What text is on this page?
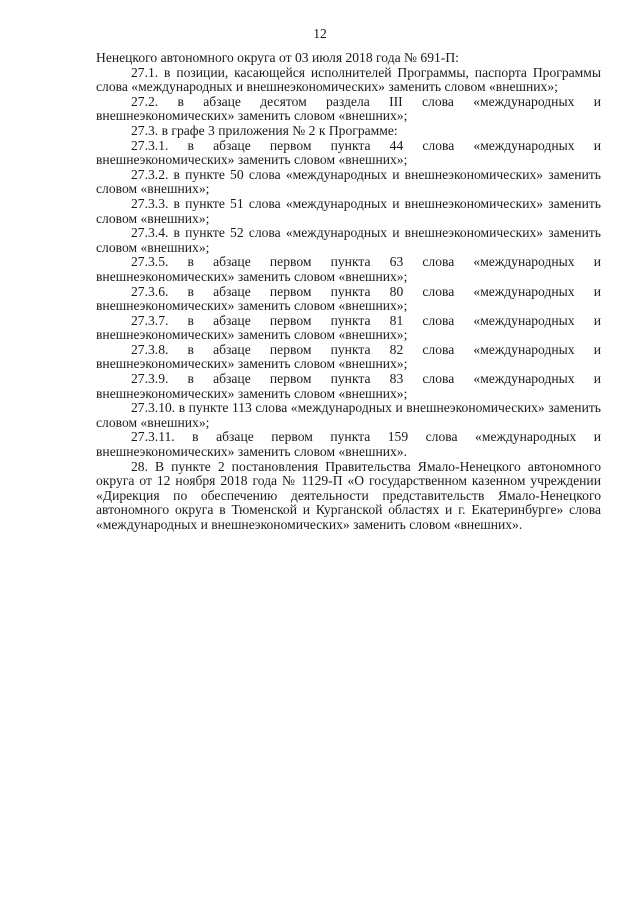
12

Ненецкого автономного округа от 03 июля 2018 года № 691-П:

27.1. в позиции, касающейся исполнителей Программы, паспорта Программы слова «международных и внешнеэкономических» заменить словом «внешних»;

27.2. в абзаце десятом раздела III слова «международных и внешнеэкономических» заменить словом «внешних»;

27.3. в графе 3 приложения № 2 к Программе:

27.3.1. в абзаце первом пункта 44 слова «международных и внешнеэкономических» заменить словом «внешних»;

27.3.2. в пункте 50 слова «международных и внешнеэкономических» заменить словом «внешних»;

27.3.3. в пункте 51 слова «международных и внешнеэкономических» заменить словом «внешних»;

27.3.4. в пункте 52 слова «международных и внешнеэкономических» заменить словом «внешних»;

27.3.5. в абзаце первом пункта 63 слова «международных и внешнеэкономических» заменить словом «внешних»;

27.3.6. в абзаце первом пункта 80 слова «международных и внешнеэкономических» заменить словом «внешних»;

27.3.7. в абзаце первом пункта 81 слова «международных и внешнеэкономических» заменить словом «внешних»;

27.3.8. в абзаце первом пункта 82 слова «международных и внешнеэкономических» заменить словом «внешних»;

27.3.9. в абзаце первом пункта 83 слова «международных и внешнеэкономических» заменить словом «внешних»;

27.3.10. в пункте 113 слова «международных и внешнеэкономических» заменить словом «внешних»;

27.3.11. в абзаце первом пункта 159 слова «международных и внешнеэкономических» заменить словом «внешних».

28. В пункте 2 постановления Правительства Ямало-Ненецкого автономного округа от 12 ноября 2018 года № 1129-П «О государственном казенном учреждении «Дирекция по обеспечению деятельности представительств Ямало-Ненецкого автономного округа в Тюменской и Курганской областях и г. Екатеринбурге» слова «международных и внешнеэкономических» заменить словом «внешних».
